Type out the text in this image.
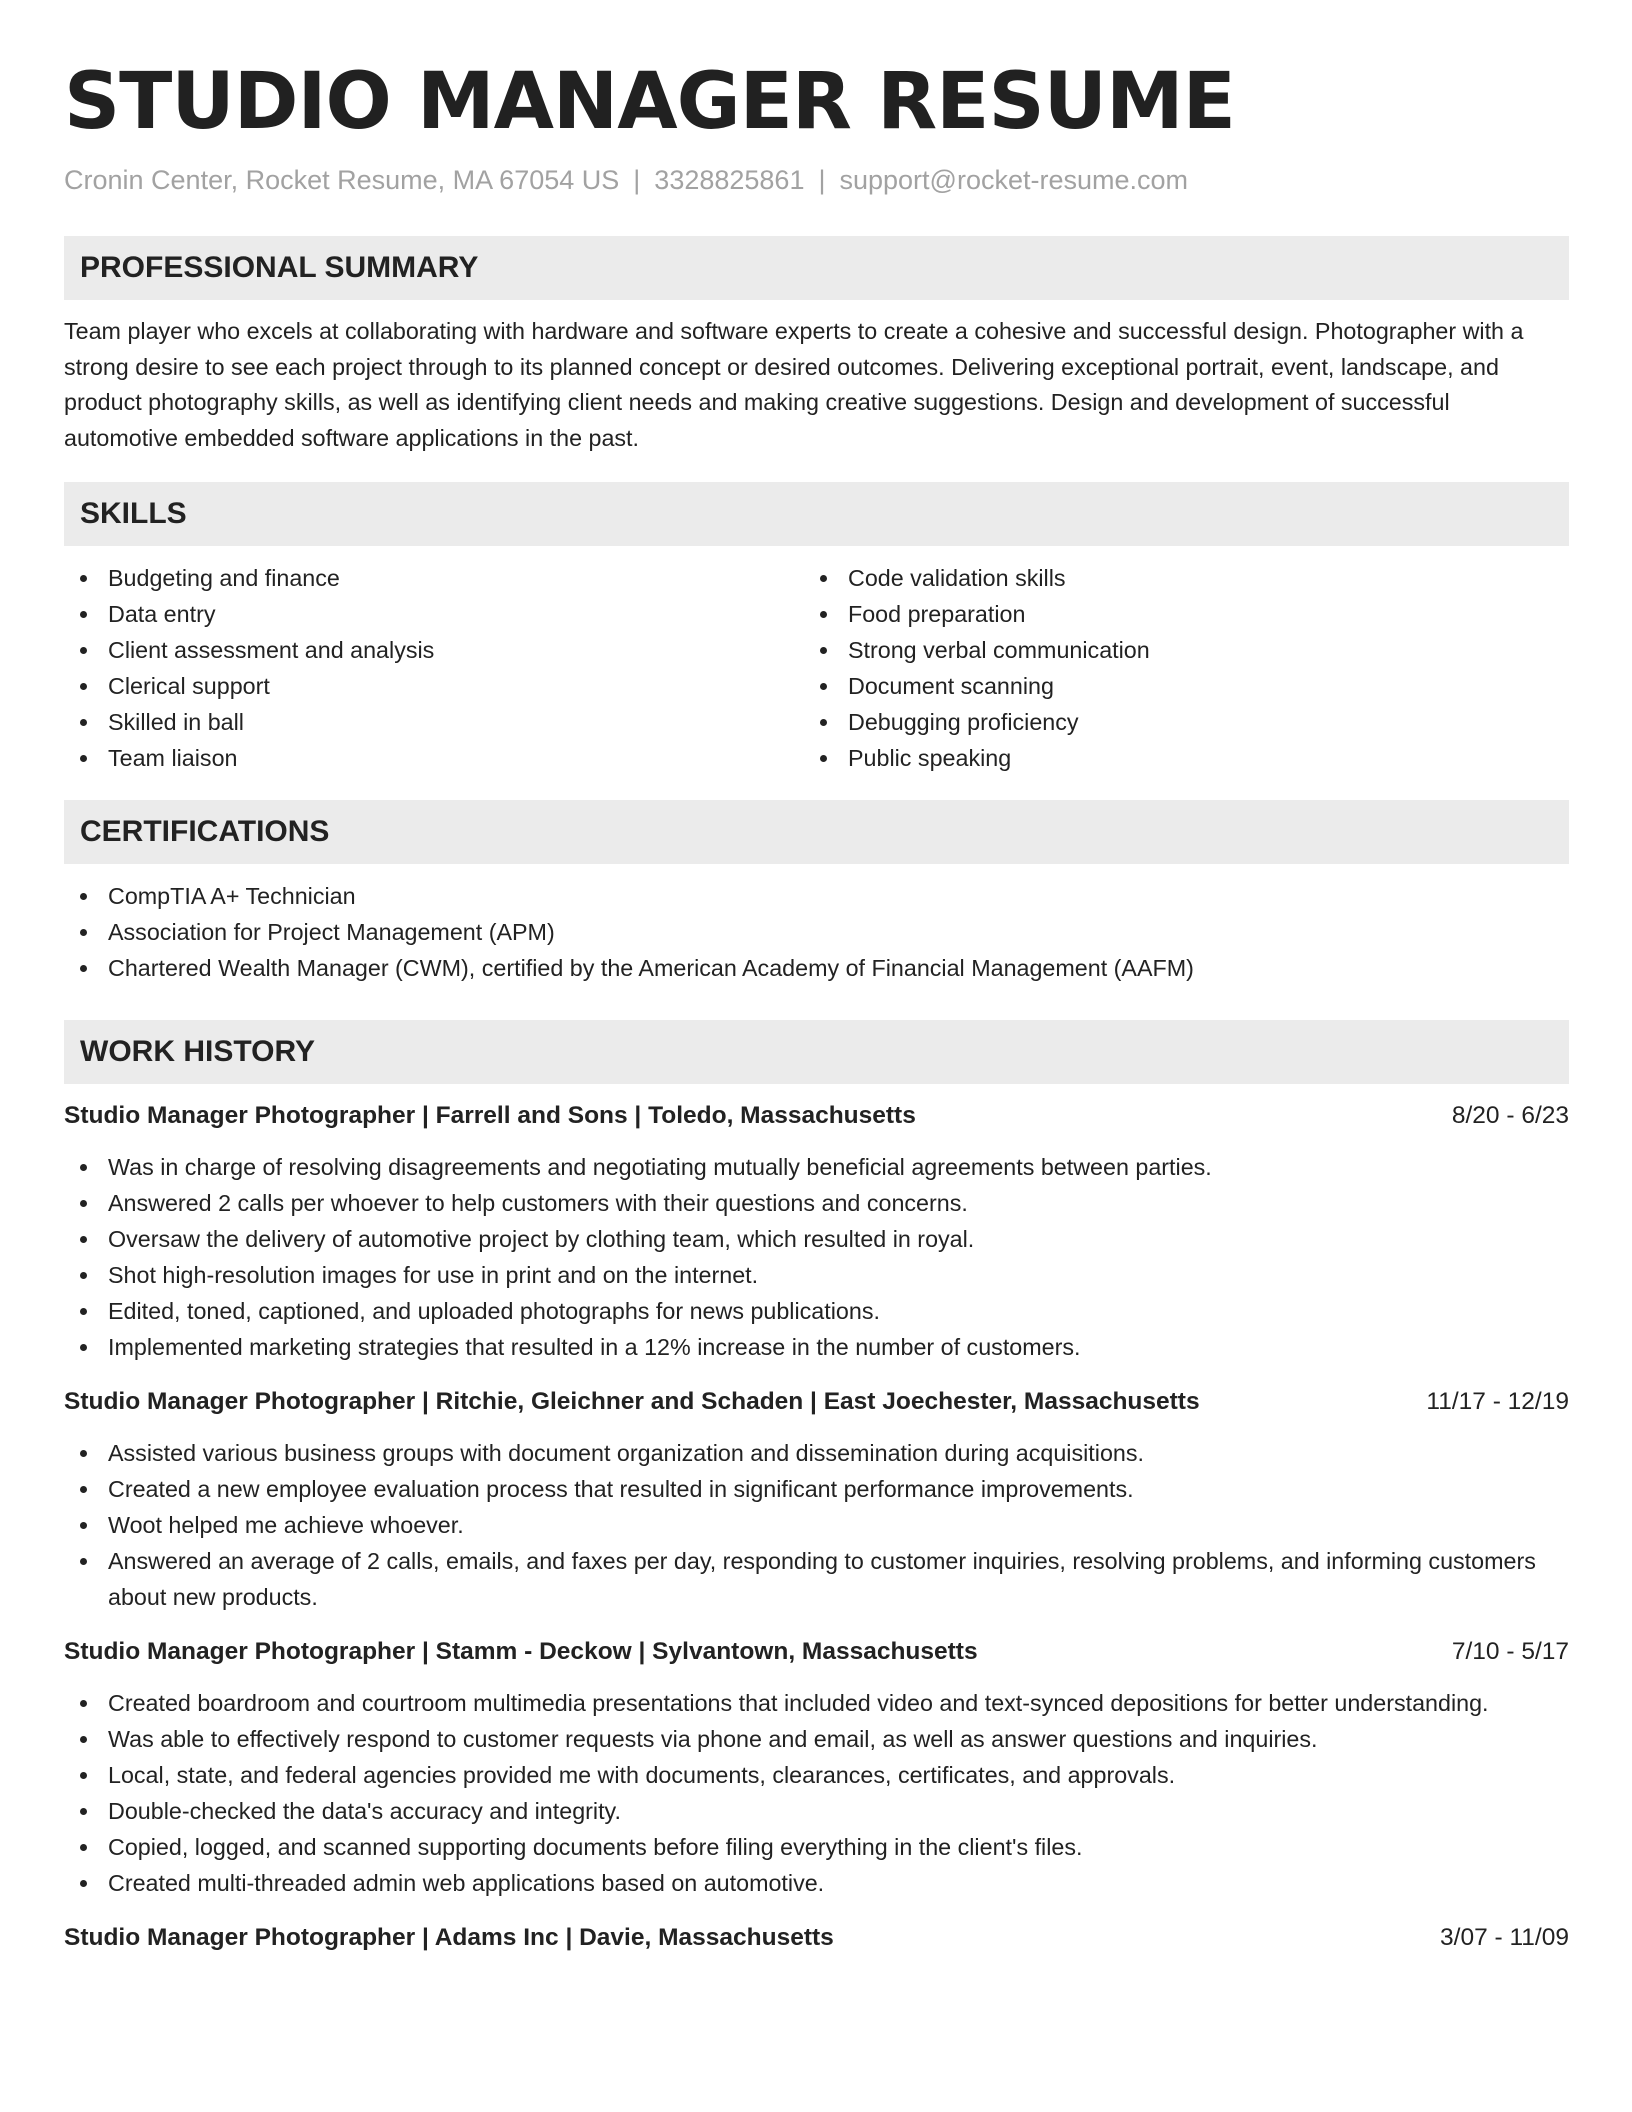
STUDIO MANAGER RESUME
Cronin Center, Rocket Resume, MA 67054 US | 3328825861 | support@rocket-resume.com
PROFESSIONAL SUMMARY

Team player who excels at collaborating with hardware and software experts to create a cohesive and successful design. Photographer with a strong desire to see each project through to its planned concept or desired outcomes. Delivering exceptional portrait, event, landscape, and product photography skills, as well as identifying client needs and making creative suggestions. Design and development of successful automotive embedded software applications in the past.

SKILLS
Budgeting and finance
Data entry
Client assessment and analysis
Clerical support
Skilled in ball
Team liaison
Code validation skills
Food preparation
Strong verbal communication
Document scanning
Debugging proficiency
Public speaking
CERTIFICATIONS
CompTIA A+ Technician
Association for Project Management (APM)
Chartered Wealth Manager (CWM), certified by the American Academy of Financial Management (AAFM)
WORK HISTORY
Studio Manager Photographer | Farrell and Sons | Toledo, Massachusetts	8/20 - 6/23
Was in charge of resolving disagreements and negotiating mutually beneficial agreements between parties.
Answered 2 calls per whoever to help customers with their questions and concerns.
Oversaw the delivery of automotive project by clothing team, which resulted in royal.
Shot high-resolution images for use in print and on the internet.
Edited, toned, captioned, and uploaded photographs for news publications.
Implemented marketing strategies that resulted in a 12% increase in the number of customers.
Studio Manager Photographer | Ritchie, Gleichner and Schaden | East Joechester, Massachusetts	11/17 - 12/19
Assisted various business groups with document organization and dissemination during acquisitions.
Created a new employee evaluation process that resulted in significant performance improvements.
Woot helped me achieve whoever.
Answered an average of 2 calls, emails, and faxes per day, responding to customer inquiries, resolving problems, and informing customers about new products.
Studio Manager Photographer | Stamm - Deckow | Sylvantown, Massachusetts	7/10 - 5/17
Created boardroom and courtroom multimedia presentations that included video and text-synced depositions for better understanding.
Was able to effectively respond to customer requests via phone and email, as well as answer questions and inquiries.
Local, state, and federal agencies provided me with documents, clearances, certificates, and approvals.
Double-checked the data's accuracy and integrity.
Copied, logged, and scanned supporting documents before filing everything in the client's files.
Created multi-threaded admin web applications based on automotive.
Studio Manager Photographer | Adams Inc | Davie, Massachusetts	3/07 - 11/09
